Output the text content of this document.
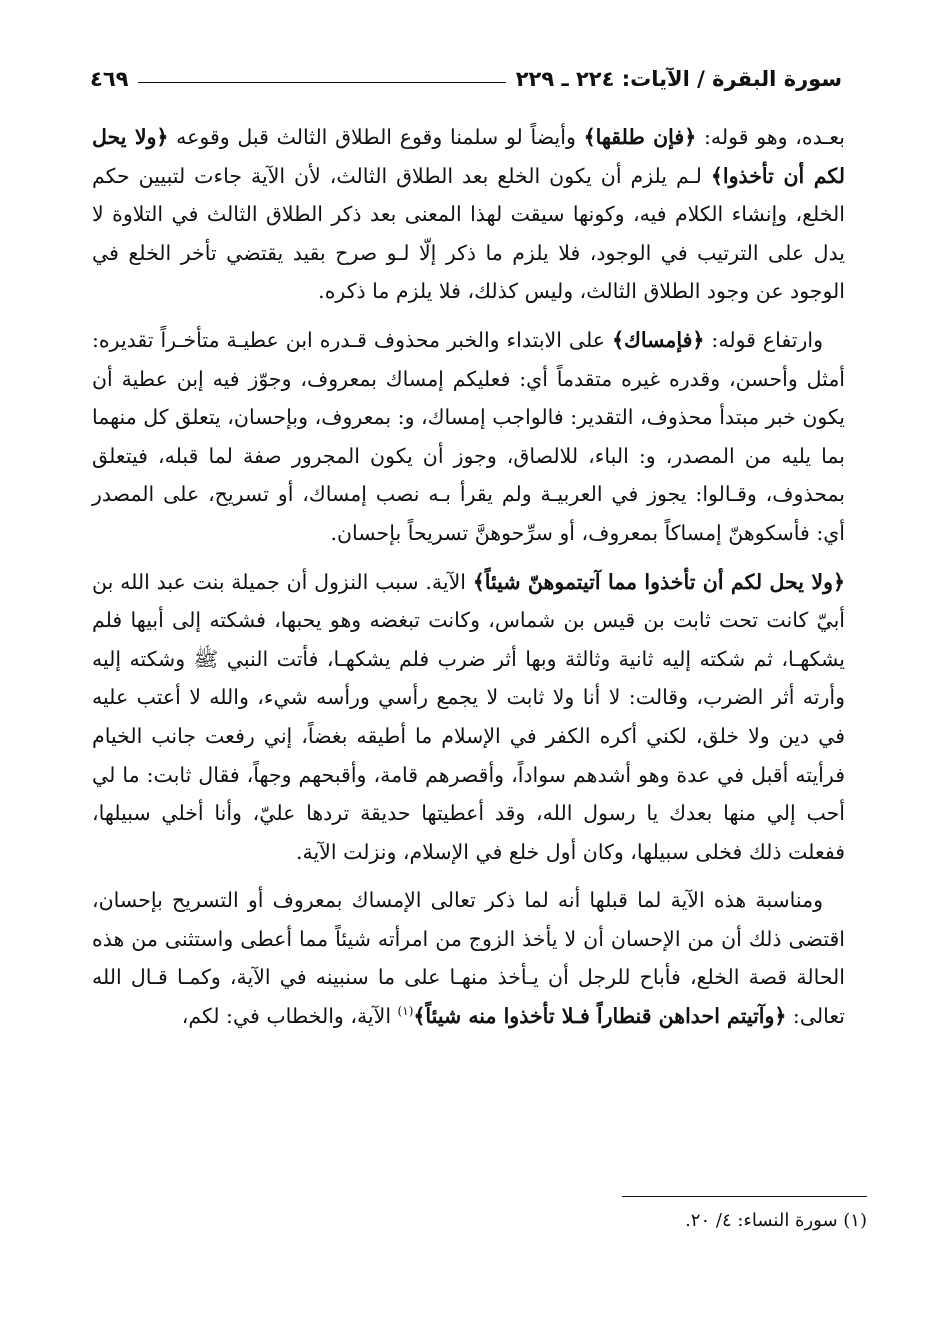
سورة البقرة / الآيات: ٢٢٤ ـ ٢٢٩
٤٦٩

بعـده، وهو قوله: ﴿فإن طلقها﴾ وأيضاً لو سلمنا وقوع الطلاق الثالث قبل وقوعه ﴿ولا يحل لكم أن تأخذوا﴾ لـم يلزم أن يكون الخلع بعد الطلاق الثالث، لأن الآية جاءت لتبيين حكم الخلع، وإنشاء الكلام فيه، وكونها سيقت لهذا المعنى بعد ذكر الطلاق الثالث في التلاوة لا يدل على الترتيب في الوجود، فلا يلزم ما ذكر إلّا لـو صرح بقيد يقتضي تأخر الخلع في الوجود عن وجود الطلاق الثالث، وليس كذلك، فلا يلزم ما ذكره.

وارتفاع قوله: ﴿فإمساك﴾ على الابتداء والخبر محذوف قـدره ابن عطيـة متأخـراً تقديره: أمثل وأحسن، وقدره غيره متقدماً أي: فعليكم إمساك بمعروف، وجوّز فيه إبن عطية أن يكون خبر مبتدأ محذوف، التقدير: فالواجب إمساك، و: بمعروف، وبإحسان، يتعلق كل منهما بما يليه من المصدر، و: الباء، للالصاق، وجوز أن يكون المجرور صفة لما قبله، فيتعلق بمحذوف، وقـالوا: يجوز في العربيـة ولم يقرأ بـه نصب إمساك، أو تسريح، على المصدر أي: فأسكوهنّ إمساكاً بمعروف، أو سرِّحوهنَّ تسريحاً بإحسان.

﴿ولا يحل لكم أن تأخذوا مما آتيتموهنّ شيئاً﴾ الآية. سبب النزول أن جميلة بنت عبد الله بن أبيّ كانت تحت ثابت بن قيس بن شماس، وكانت تبغضه وهو يحبها، فشكته إلى أبيها فلم يشكهـا، ثم شكته إليه ثانية وثالثة وبها أثر ضرب فلم يشكهـا، فأتت النبي ﷺ وشكته إليه وأرته أثر الضرب، وقالت: لا أنا ولا ثابت لا يجمع رأسي ورأسه شيء، والله لا أعتب عليه في دين ولا خلق، لكني أكره الكفر في الإسلام ما أطيقه بغضاً، إني رفعت جانب الخيام فرأيته أقبل في عدة وهو أشدهم سواداً، وأقصرهم قامة، وأقبحهم وجهاً، فقال ثابت: ما لي أحب إلي منها بعدك يا رسول الله، وقد أعطيتها حديقة تردها عليّ، وأنا أخلي سبيلها، ففعلت ذلك فخلى سبيلها، وكان أول خلع في الإسلام، ونزلت الآية.

ومناسبة هذه الآية لما قبلها أنه لما ذكر تعالى الإمساك بمعروف أو التسريح بإحسان، اقتضى ذلك أن من الإحسان أن لا يأخذ الزوج من امرأته شيئاً مما أعطى واستثنى من هذه الحالة قصة الخلع، فأباح للرجل أن يـأخذ منهـا على ما سنبينه في الآية، وكمـا قـال الله تعالى: ﴿وآتيتم احداهن قنطاراً فـلا تأخذوا منه شيئاً﴾$^{(١)}$ الآية، والخطاب في: لكم،

(١) سورة النساء: ٤/ ٢٠.
